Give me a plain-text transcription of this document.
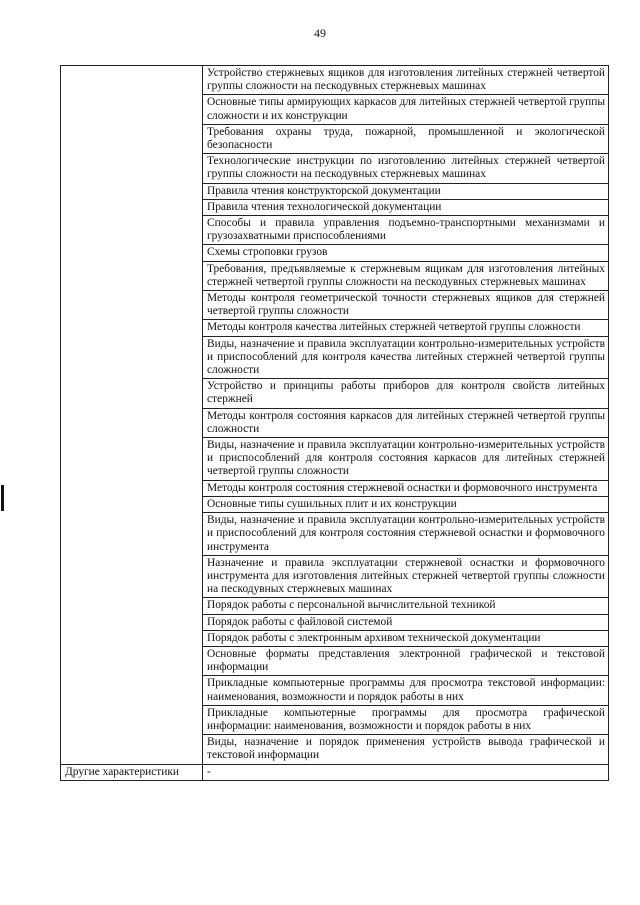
49

	Устройство стержневых ящиков для изготовления литейных стержней четвертой группы сложности на пескодувных стержневых машинах

	Основные типы армирующих каркасов для литейных стержней четвертой группы сложности и их конструкции

	Требования охраны труда, пожарной, промышленной и экологической безопасности

	Технологические инструкции по изготовлению литейных стержней четвертой группы сложности на пескодувных стержневых машинах

	Правила чтения конструкторской документации

	Правила чтения технологической документации

	Способы и правила управления подъемно-транспортными механизмами и грузозахватными приспособлениями

	Схемы строповки грузов

	Требования, предъявляемые к стержневым ящикам для изготовления литейных стержней четвертой группы сложности на пескодувных стержневых машинах

	Методы контроля геометрической точности стержневых ящиков для стержней четвертой группы сложности

	Методы контроля качества литейных стержней четвертой группы сложности

	Виды, назначение и правила эксплуатации контрольно-измерительных устройств и приспособлений для контроля качества литейных стержней четвертой группы сложности

	Устройство и принципы работы приборов для контроля свойств литейных стержней

	Методы контроля состояния каркасов для литейных стержней четвертой группы сложности

	Виды, назначение и правила эксплуатации контрольно-измерительных устройств и приспособлений для контроля состояния каркасов для литейных стержней четвертой группы сложности

	Методы контроля состояния стержневой оснастки и формовочного инструмента

	Основные типы сушильных плит и их конструкции

	Виды, назначение и правила эксплуатации контрольно-измерительных устройств и приспособлений для контроля состояния стержневой оснастки и формовочного инструмента

	Назначение и правила эксплуатации стержневой оснастки и формовочного инструмента для изготовления литейных стержней четвертой группы сложности на пескодувных стержневых машинах

	Порядок работы с персональной вычислительной техникой

	Порядок работы с файловой системой

	Порядок работы с электронным архивом технической документации

	Основные форматы представления электронной графической и текстовой информации

	Прикладные компьютерные программы для просмотра текстовой информации: наименования, возможности и порядок работы в них

	Прикладные компьютерные программы для просмотра графической информации: наименования, возможности и порядок работы в них

	Виды, назначение и порядок применения устройств вывода графической и текстовой информации

Другие характеристики	-
